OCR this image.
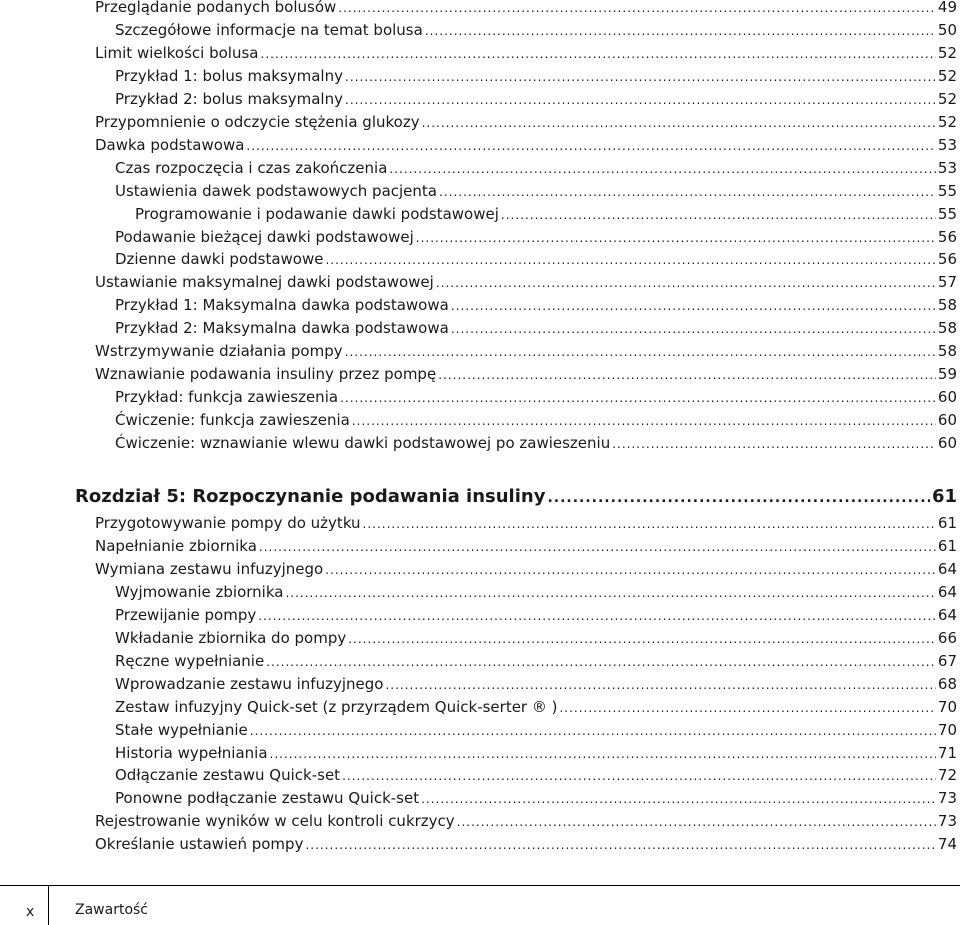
Przeglądanie podanych bolusów .....	49
Szczegółowe informacje na temat bolusa .....	50
Limit wielkości bolusa .....	52
Przykład 1: bolus maksymalny .....	52
Przykład 2: bolus maksymalny .....	52
Przypomnienie o odczycie stężenia glukozy .....	52
Dawka podstawowa .....	53
Czas rozpoczęcia i czas zakończenia .....	53
Ustawienia dawek podstawowych pacjenta .....	55
Programowanie i podawanie dawki podstawowej .....	55
Podawanie bieżącej dawki podstawowej .....	56
Dzienne dawki podstawowe .....	56
Ustawianie maksymalnej dawki podstawowej .....	57
Przykład 1: Maksymalna dawka podstawowa .....	58
Przykład 2: Maksymalna dawka podstawowa .....	58
Wstrzymywanie działania pompy .....	58
Wznawianie podawania insuliny przez pompę .....	59
Przykład: funkcja zawieszenia .....	60
Ćwiczenie: funkcja zawieszenia .....	60
Ćwiczenie: wznawianie wlewu dawki podstawowej po zawieszeniu .....	60
Rozdział 5: Rozpoczynanie podawania insuliny .....	61
Przygotowywanie pompy do użytku .....	61
Napełnianie zbiornika .....	61
Wymiana zestawu infuzyjnego .....	64
Wyjmowanie zbiornika .....	64
Przewijanie pompy .....	64
Wkładanie zbiornika do pompy .....	66
Ręczne wypełnianie .....	67
Wprowadzanie zestawu infuzyjnego .....	68
Zestaw infuzyjny Quick-set (z przyrządem Quick-serter ® ) .....	70
Stałe wypełnianie .....	70
Historia wypełniania .....	71
Odłączanie zestawu Quick-set .....	72
Ponowne podłączanie zestawu Quick-set .....	73
Rejestrowanie wyników w celu kontroli cukrzycy .....	73
Określanie ustawień pompy .....	74
x	Zawartość
